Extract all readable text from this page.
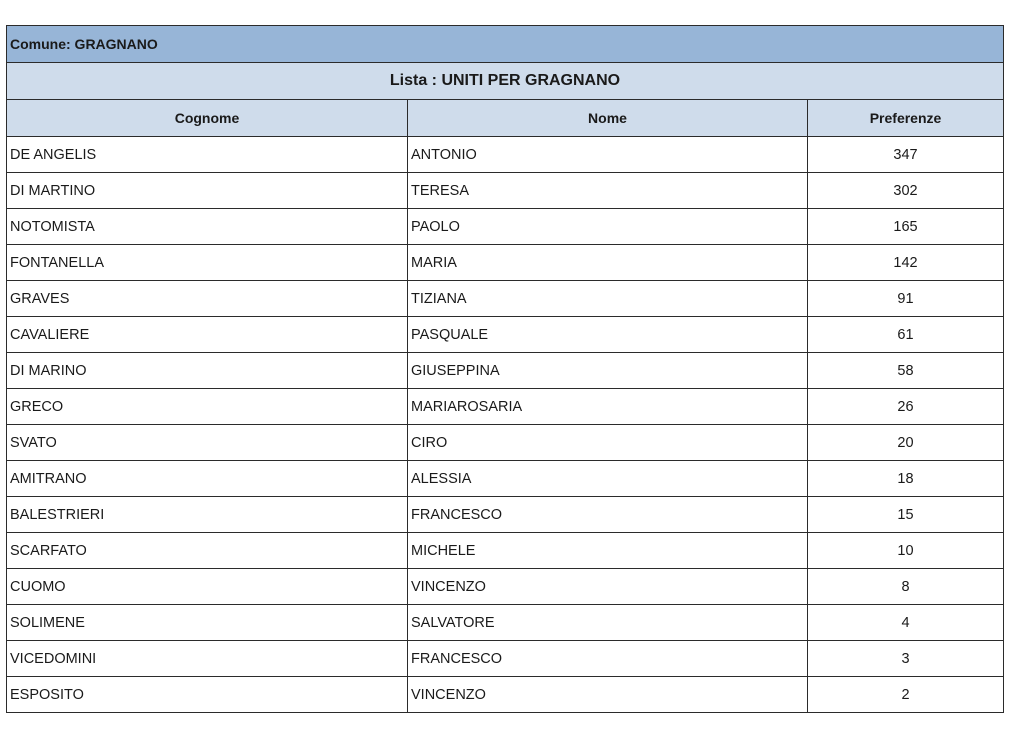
Comune: GRAGNANO		
Lista : UNITI PER GRAGNANO		
Cognome	Nome	Preferenze
DE ANGELIS	ANTONIO	347
DI MARTINO	TERESA	302
NOTOMISTA	PAOLO	165
FONTANELLA	MARIA	142
GRAVES	TIZIANA	91
CAVALIERE	PASQUALE	61
DI MARINO	GIUSEPPINA	58
GRECO	MARIAROSARIA	26
SVATO	CIRO	20
AMITRANO	ALESSIA	18
BALESTRIERI	FRANCESCO	15
SCARFATO	MICHELE	10
CUOMO	VINCENZO	8
SOLIMENE	SALVATORE	4
VICEDOMINI	FRANCESCO	3
ESPOSITO	VINCENZO	2
